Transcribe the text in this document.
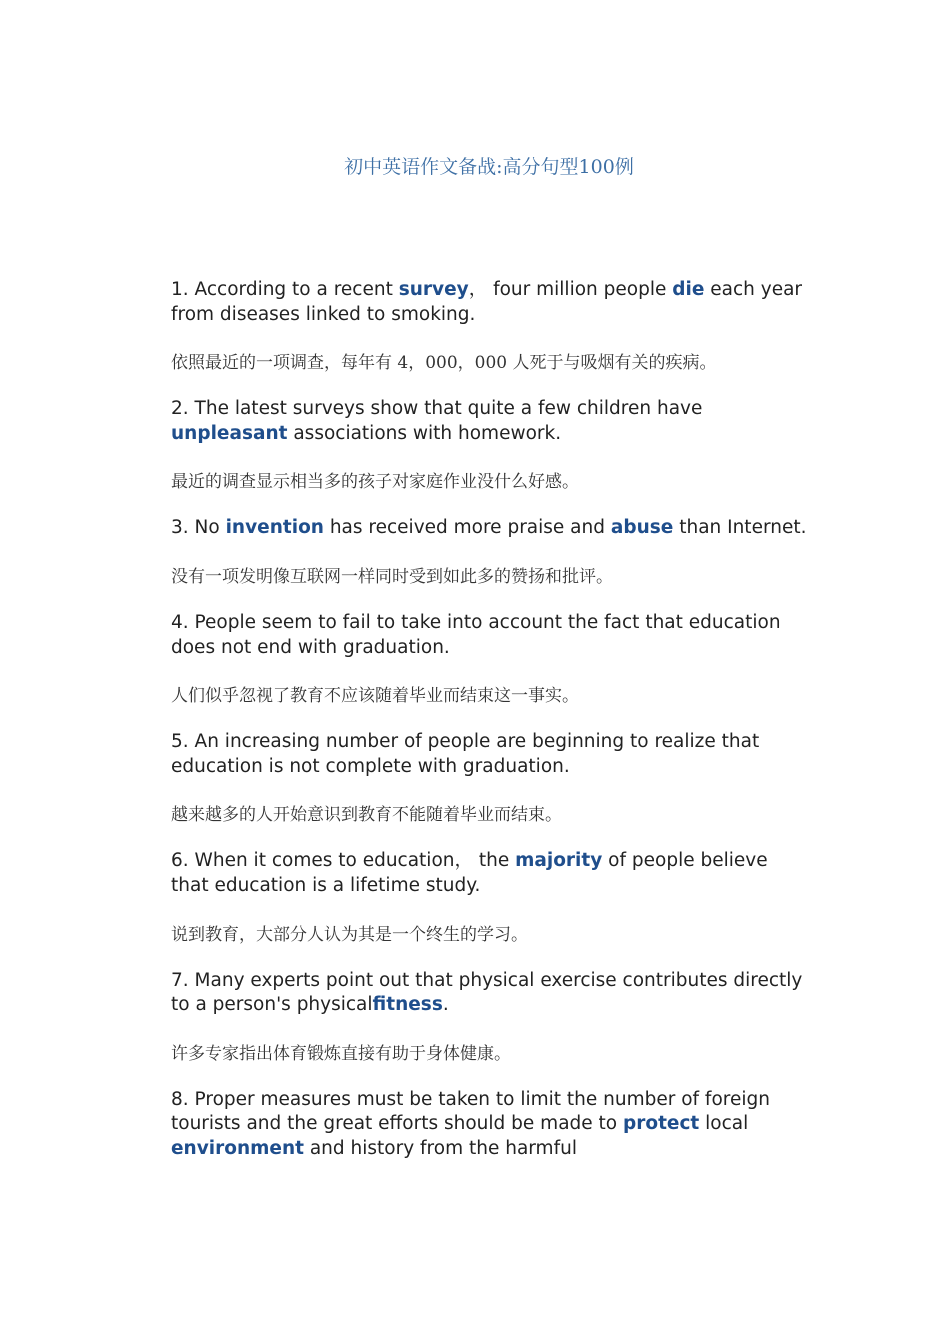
初中英语作文备战:高分句型100例

1. According to a recent survey， four million people die each year from diseases linked to smoking.

依照最近的一项调查，每年有 4，000，000 人死于与吸烟有关的疾病。

2. The latest surveys show that quite a few children have unpleasant associations with homework.

最近的调查显示相当多的孩子对家庭作业没什么好感。

3. No invention has received more praise and abuse than Internet.

没有一项发明像互联网一样同时受到如此多的赞扬和批评。

4. People seem to fail to take into account the fact that education does not end with graduation.

人们似乎忽视了教育不应该随着毕业而结束这一事实。

5. An increasing number of people are beginning to realize that education is not complete with graduation.

越来越多的人开始意识到教育不能随着毕业而结束。

6. When it comes to education， the majority of people believe that education is a lifetime study.

说到教育，大部分人认为其是一个终生的学习。

7. Many experts point out that physical exercise contributes directly to a person's physicalfitness.

许多专家指出体育锻炼直接有助于身体健康。

8. Proper measures must be taken to limit the number of foreign tourists and the great efforts should be made to protect local environment and history from the harmful
